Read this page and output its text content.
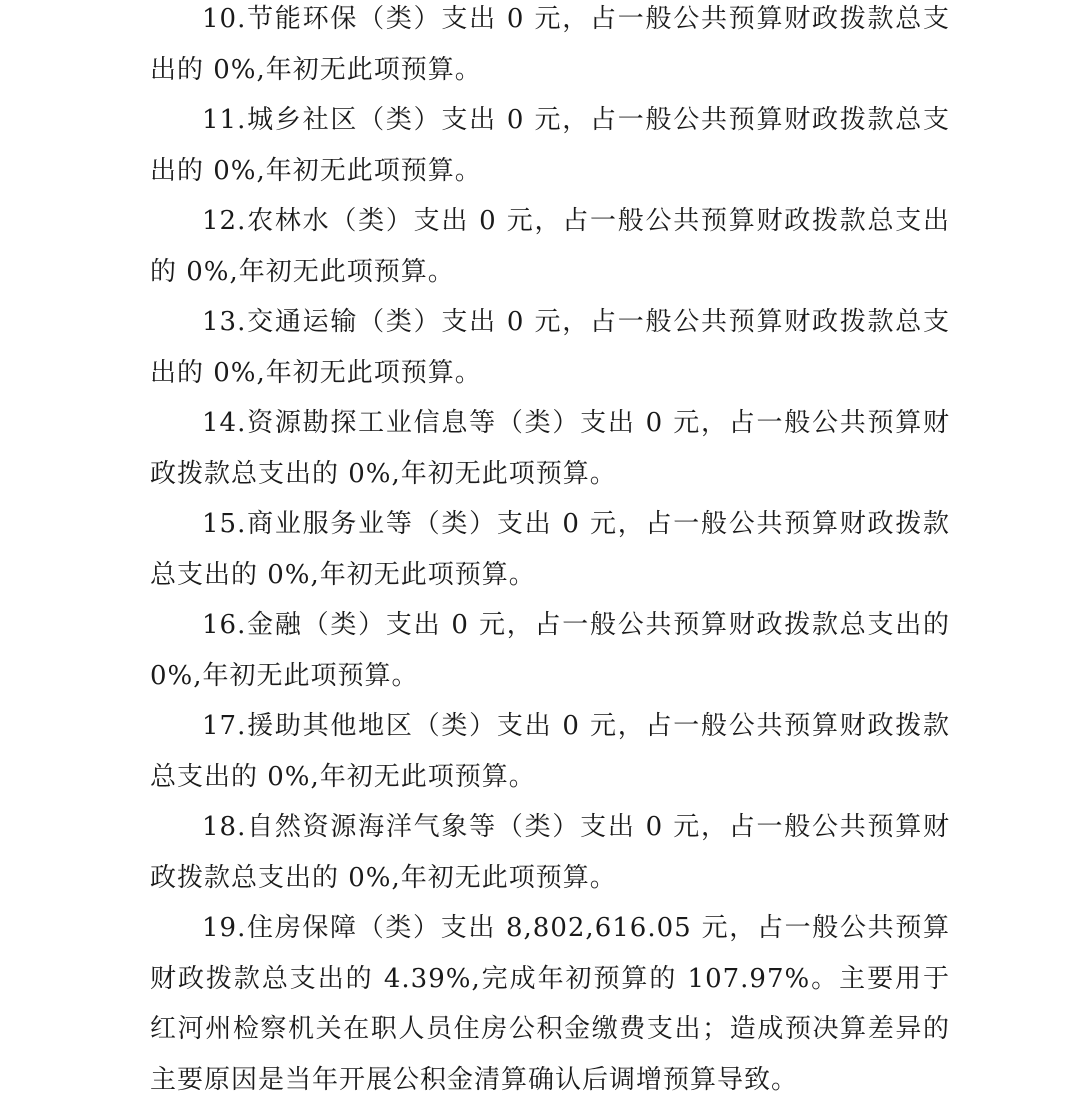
10.节能环保（类）支出 0 元，占一般公共预算财政拨款总支出的 0%,年初无此项预算。

11.城乡社区（类）支出 0 元，占一般公共预算财政拨款总支出的 0%,年初无此项预算。

12.农林水（类）支出 0 元，占一般公共预算财政拨款总支出的 0%,年初无此项预算。

13.交通运输（类）支出 0 元，占一般公共预算财政拨款总支出的 0%,年初无此项预算。

14.资源勘探工业信息等（类）支出 0 元，占一般公共预算财政拨款总支出的 0%,年初无此项预算。

15.商业服务业等（类）支出 0 元，占一般公共预算财政拨款总支出的 0%,年初无此项预算。

16.金融（类）支出 0 元，占一般公共预算财政拨款总支出的 0%,年初无此项预算。

17.援助其他地区（类）支出 0 元，占一般公共预算财政拨款总支出的 0%,年初无此项预算。

18.自然资源海洋气象等（类）支出 0 元，占一般公共预算财政拨款总支出的 0%,年初无此项预算。

19.住房保障（类）支出 8,802,616.05 元，占一般公共预算财政拨款总支出的 4.39%,完成年初预算的 107.97%。主要用于红河州检察机关在职人员住房公积金缴费支出；造成预决算差异的主要原因是当年开展公积金清算确认后调增预算导致。
